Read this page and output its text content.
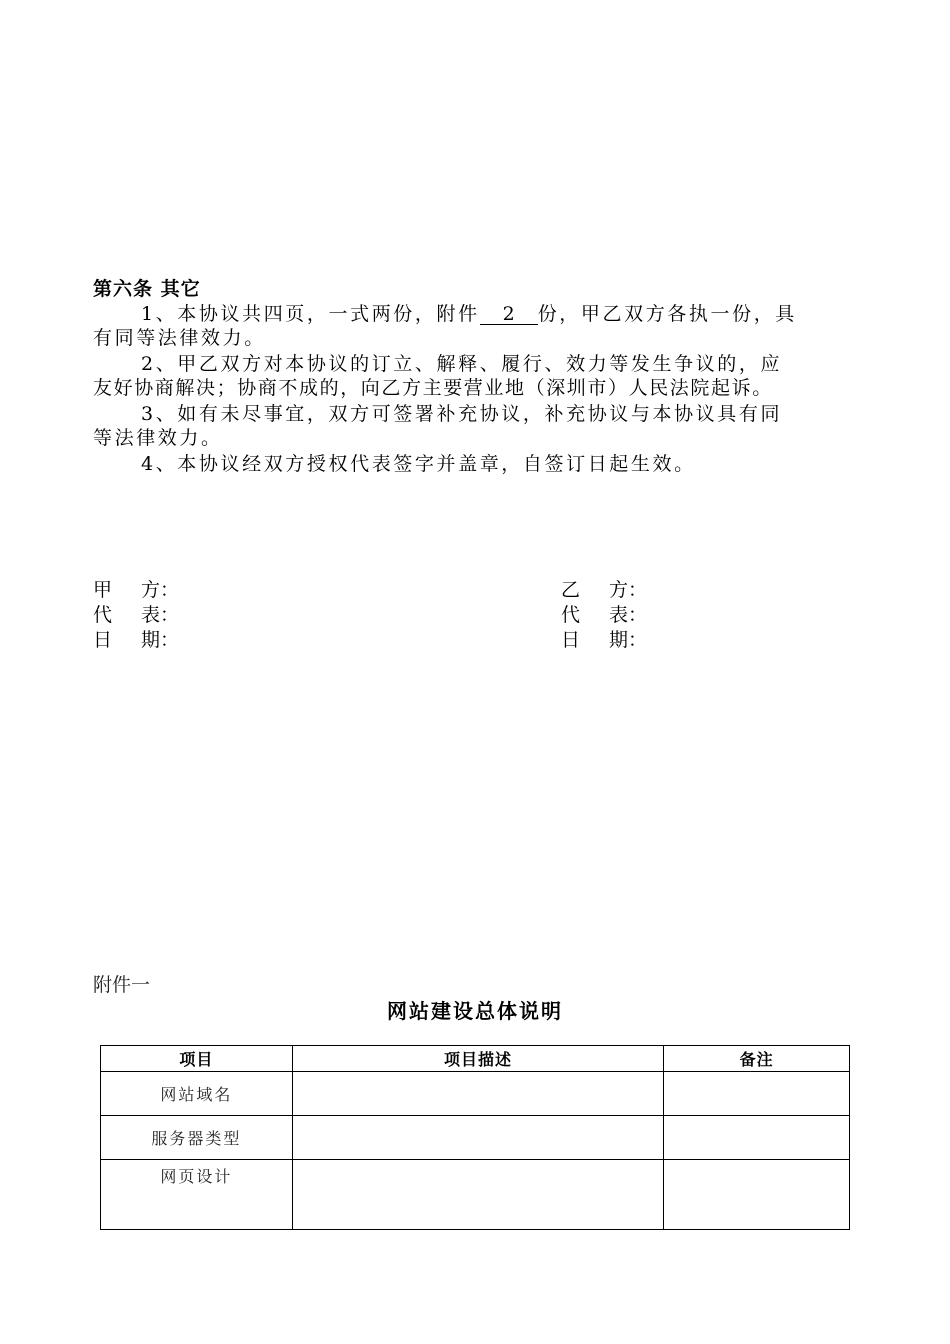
第六条 其它
1、本协议共四页，一式两份，附件 2 份，甲乙双方各执一份，具
有同等法律效力。
2、甲乙双方对本协议的订立、解释、履行、效力等发生争议的，应
友好协商解决；协商不成的，向乙方主要营业地（深圳市）人民法院起诉。
3、如有未尽事宜，双方可签署补充协议，补充协议与本协议具有同
等法律效力。
4、本协议经双方授权代表签字并盖章，自签订日起生效。
甲 方：
代 表：
日 期：
乙 方：
代 表：
日 期：
附件一
网站建设总体说明
项目	项目描述	备注
网站域名		
服务器类型		
网页设计		
